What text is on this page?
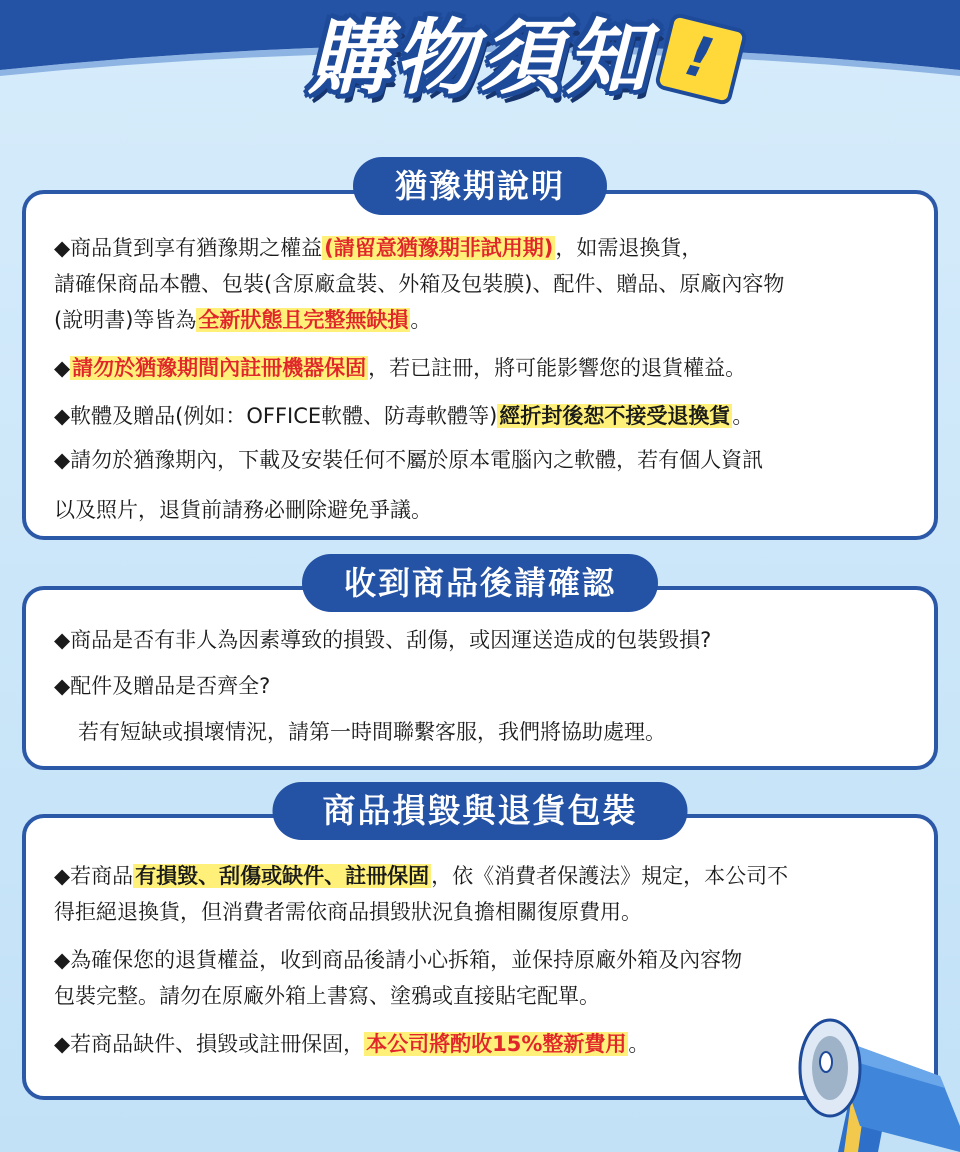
購物須知 !
猶豫期說明

◆商品貨到享有猶豫期之權益(請留意猶豫期非試用期)，如需退換貨，

請確保商品本體、包裝(含原廠盒裝、外箱及包裝膜)、配件、贈品、原廠內容物

(說明書)等皆為全新狀態且完整無缺損。

◆請勿於猶豫期間內註冊機器保固，若已註冊，將可能影響您的退貨權益。

◆軟體及贈品(例如：OFFICE軟體、防毒軟體等)經折封後恕不接受退換貨。

◆請勿於猶豫期內，下載及安裝任何不屬於原本電腦內之軟體，若有個人資訊

以及照片，退貨前請務必刪除避免爭議。

收到商品後請確認

◆商品是否有非人為因素導致的損毀、刮傷，或因運送造成的包裝毀損?

◆配件及贈品是否齊全?

若有短缺或損壞情況，請第一時間聯繫客服，我們將協助處理。

商品損毀與退貨包裝

◆若商品有損毀、刮傷或缺件、註冊保固，依《消費者保護法》規定，本公司不

得拒絕退換貨，但消費者需依商品損毀狀況負擔相關復原費用。

◆為確保您的退貨權益，收到商品後請小心拆箱，並保持原廠外箱及內容物

包裝完整。請勿在原廠外箱上書寫、塗鴉或直接貼宅配單。

◆若商品缺件、損毀或註冊保固，本公司將酌收15%整新費用。
